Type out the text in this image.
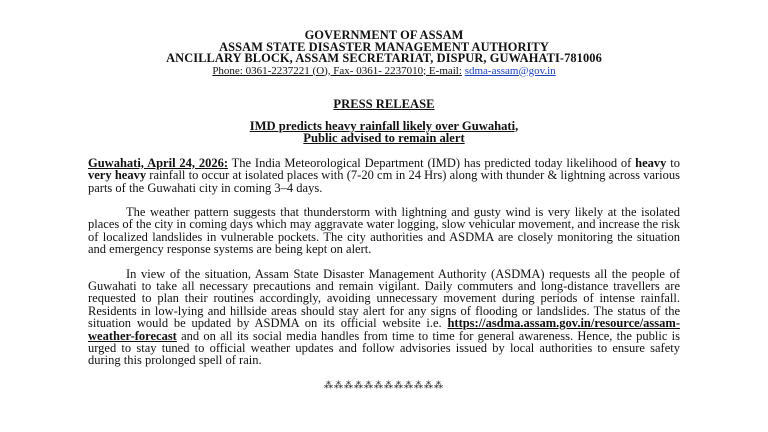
GOVERNMENT OF ASSAM
ASSAM STATE DISASTER MANAGEMENT AUTHORITY
ANCILLARY BLOCK, ASSAM SECRETARIAT, DISPUR, GUWAHATI-781006
Phone: 0361-2237221 (O), Fax- 0361- 2237010; E-mail: sdma-assam@gov.in
PRESS RELEASE
IMD predicts heavy rainfall likely over Guwahati,
Public advised to remain alert

Guwahati, April 24, 2026: The India Meteorological Department (IMD) has predicted today likelihood of heavy to very heavy rainfall to occur at isolated places with (7-20 cm in 24 Hrs) along with thunder & lightning across various parts of the Guwahati city in coming 3–4 days.

The weather pattern suggests that thunderstorm with lightning and gusty wind is very likely at the isolated places of the city in coming days which may aggravate water logging, slow vehicular movement, and increase the risk of localized landslides in vulnerable pockets. The city authorities and ASDMA are closely monitoring the situation and emergency response systems are being kept on alert.

In view of the situation, Assam State Disaster Management Authority (ASDMA) requests all the people of Guwahati to take all necessary precautions and remain vigilant. Daily commuters and long-distance travellers are requested to plan their routines accordingly, avoiding unnecessary movement during periods of intense rainfall. Residents in low-lying and hillside areas should stay alert for any signs of flooding or landslides. The status of the situation would be updated by ASDMA on its official website i.e. https://asdma.assam.gov.in/resource/assam-weather-forecast and on all its social media handles from time to time for general awareness. Hence, the public is urged to stay tuned to official weather updates and follow advisories issued by local authorities to ensure safety during this prolonged spell of rain.

⁂⁂⁂⁂⁂⁂⁂⁂⁂⁂⁂⁂
